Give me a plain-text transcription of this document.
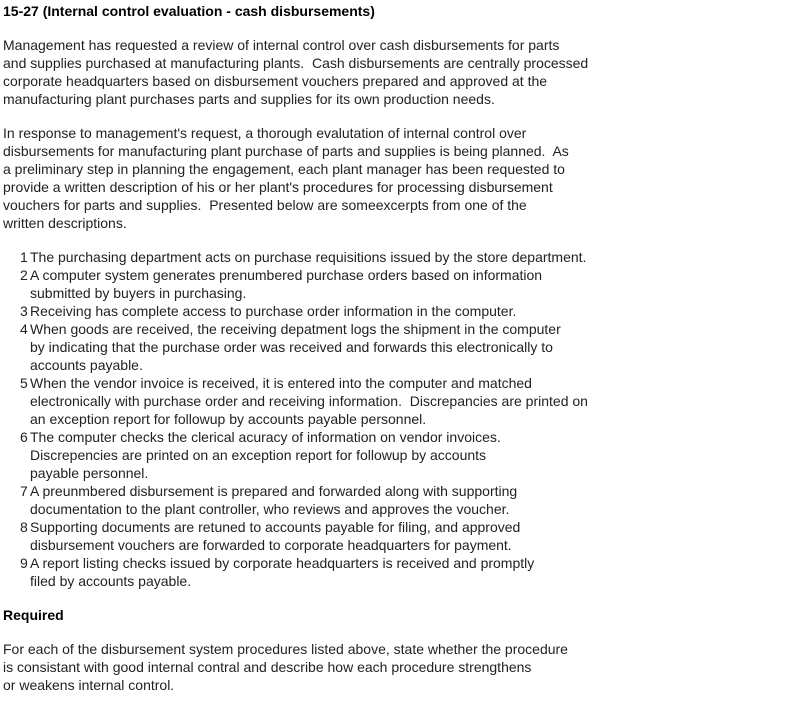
15-27 (Internal control evaluation - cash disbursements)
Management has requested a review of internal control over cash disbursements for parts
and supplies purchased at manufacturing plants.  Cash disbursements are centrally processed
corporate headquarters based on disbursement vouchers prepared and approved at the
manufacturing plant purchases parts and supplies for its own production needs.
In response to management's request, a thorough evalutation of internal control over
disbursements for manufacturing plant purchase of parts and supplies is being planned.  As
a preliminary step in planning the engagement, each plant manager has been requested to
provide a written description of his or her plant's procedures for processing disbursement
vouchers for parts and supplies.  Presented below are someexcerpts from one of the
written descriptions.
1 The purchasing department acts on purchase requisitions issued by the store department.
2 A computer system generates prenumbered purchase orders based on information
submitted by buyers in purchasing.
3 Receiving has complete access to purchase order information in the computer.
4 When goods are received, the receiving depatment logs the shipment in the computer
by indicating that the purchase order was received and forwards this electronically to
accounts payable.
5 When the vendor invoice is received, it is entered into the computer and matched
electronically with purchase order and receiving information.  Discrepancies are printed on
an exception report for followup by accounts payable personnel.
6 The computer checks the clerical acuracy of information on vendor invoices.
Discrepencies are printed on an exception report for followup by accounts
payable personnel.
7 A preunmbered disbursement is prepared and forwarded along with supporting
documentation to the plant controller, who reviews and approves the voucher.
8 Supporting documents are retuned to accounts payable for filing, and approved
disbursement vouchers are forwarded to corporate headquarters for payment.
9 A report listing checks issued by corporate headquarters is received and promptly
filed by accounts payable.
Required
For each of the disbursement system procedures listed above, state whether the procedure
is consistant with good internal contral and describe how each procedure strengthens
or weakens internal control.
